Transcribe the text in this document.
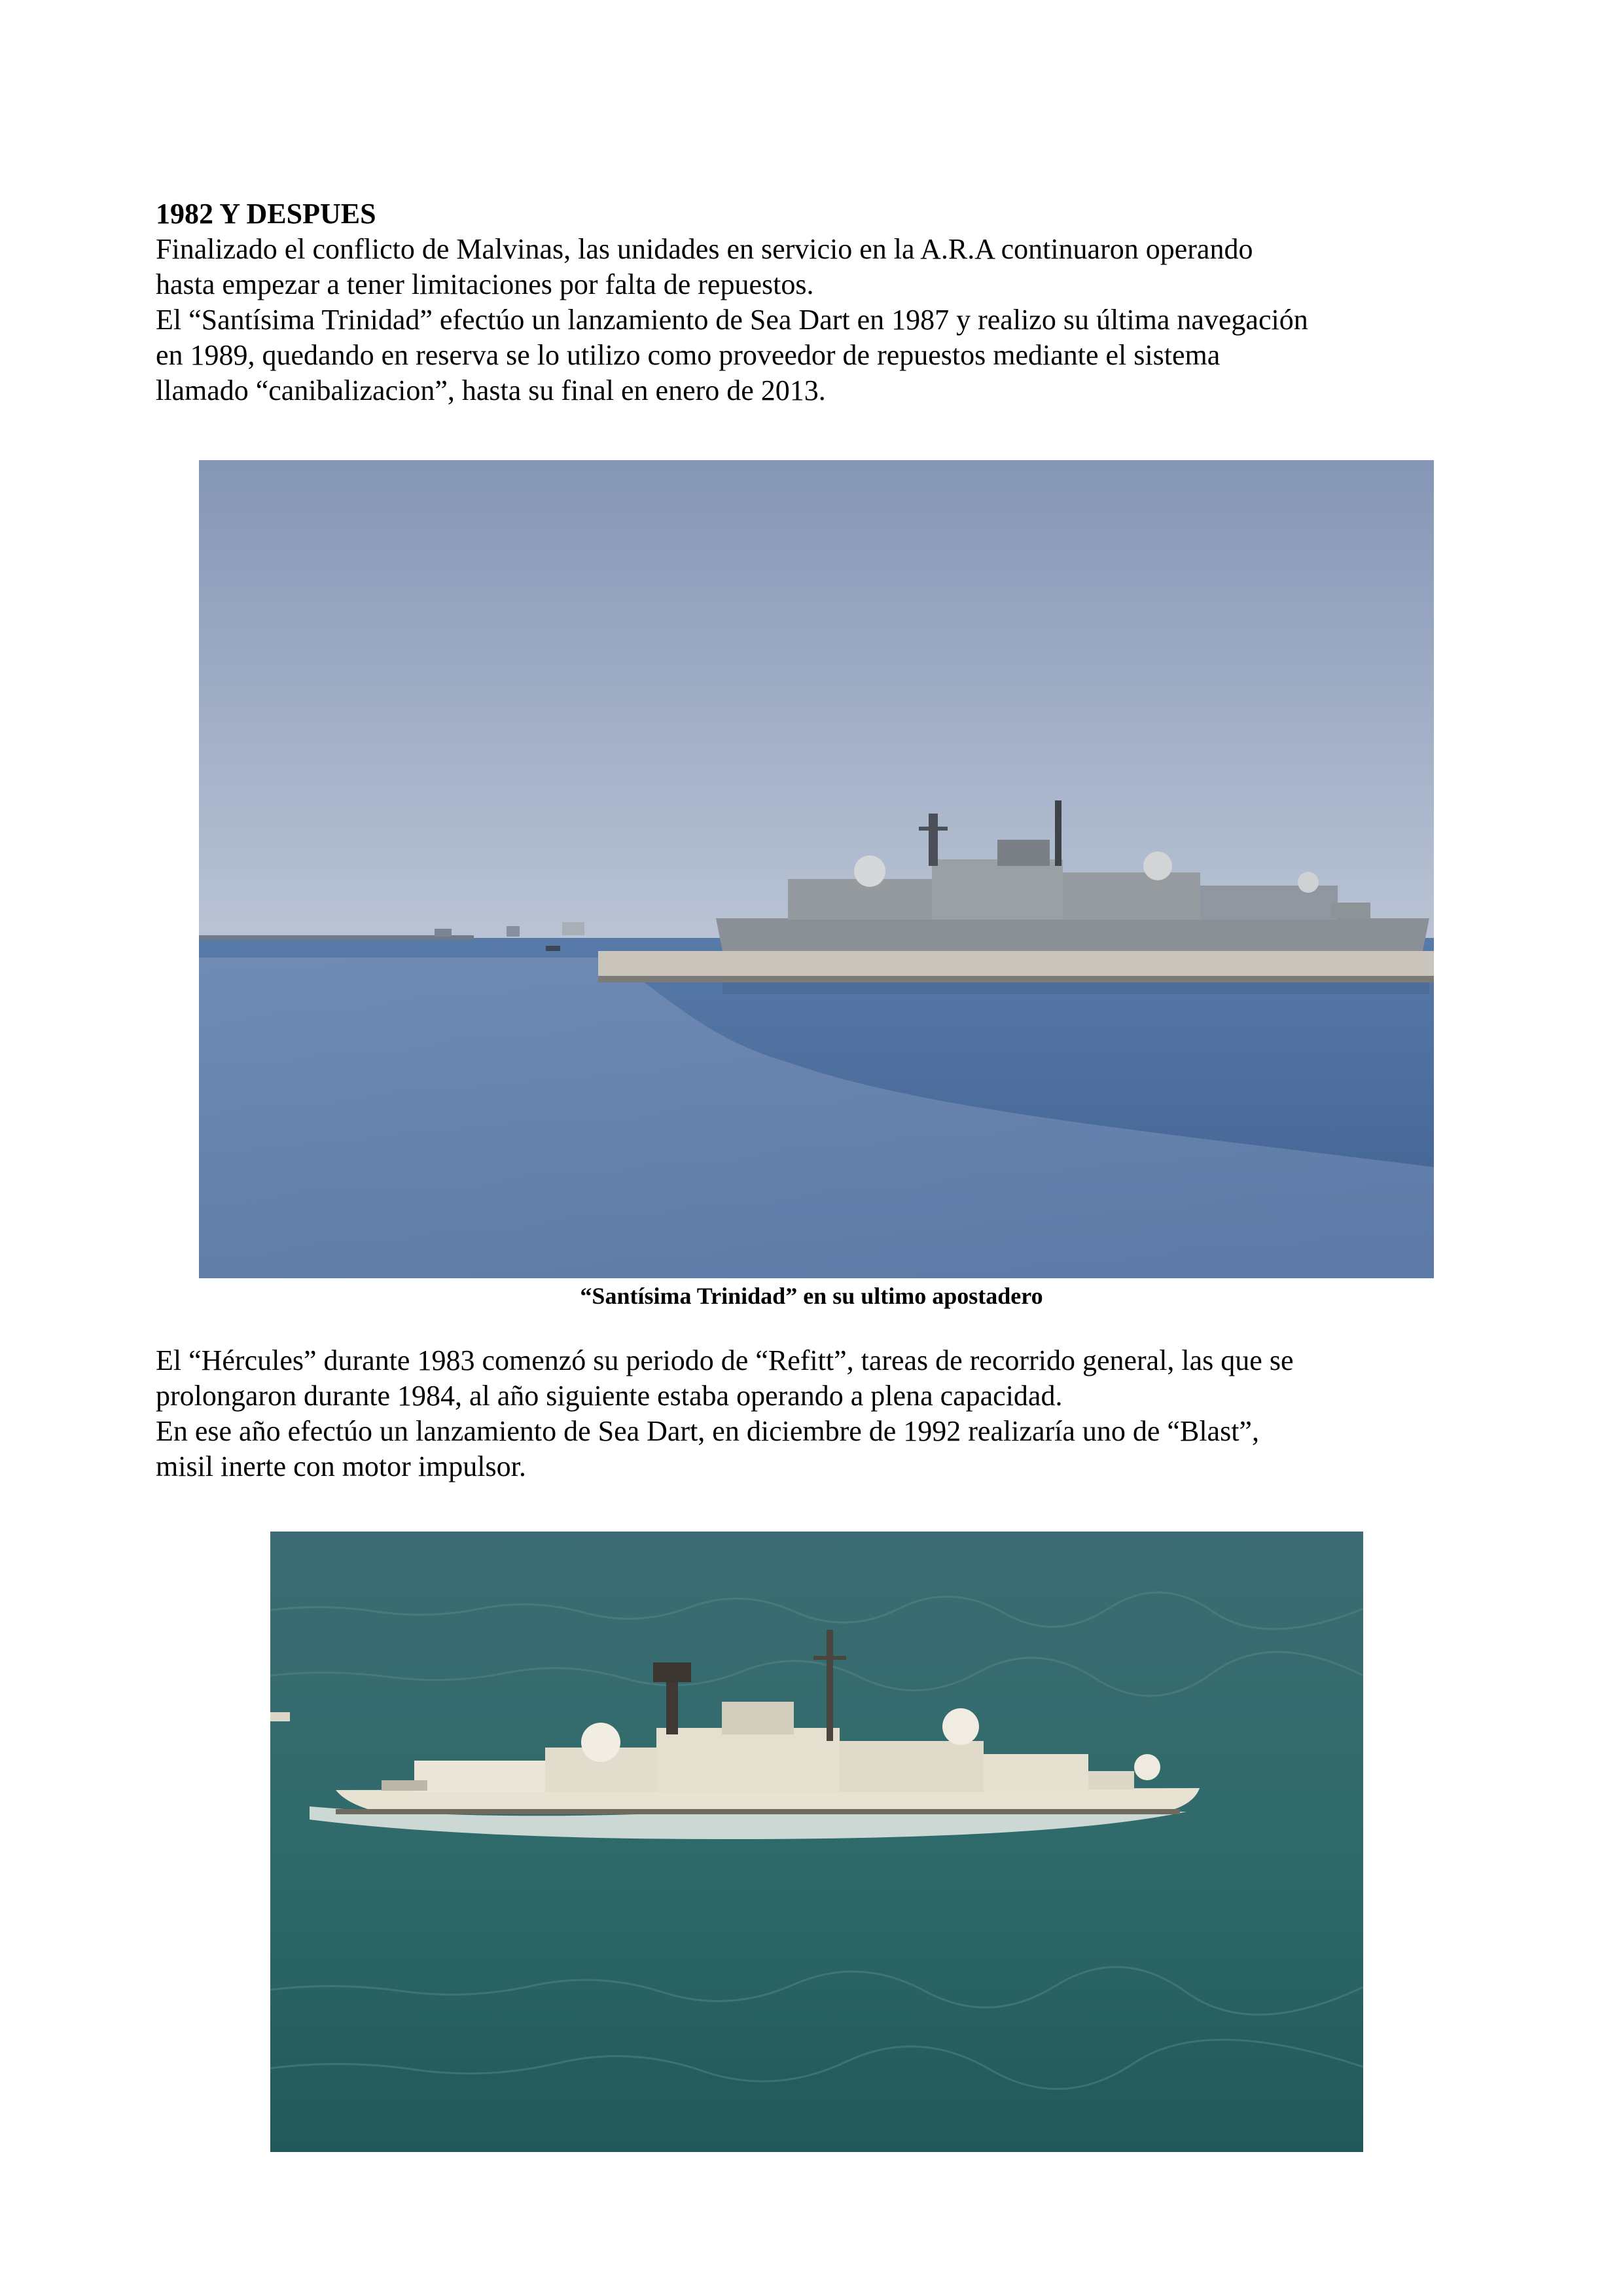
1982 Y DESPUES
Finalizado el conflicto de Malvinas, las unidades en servicio en la A.R.A continuaron operando
hasta empezar a tener limitaciones por falta de repuestos.
El “Santísima Trinidad” efectúo un lanzamiento de Sea Dart en 1987 y realizo su última navegación
en 1989, quedando en reserva se lo utilizo como proveedor de repuestos mediante el sistema
llamado “canibalizacion”, hasta su final en enero de 2013.
“Santísima Trinidad” en su ultimo apostadero
El “Hércules” durante 1983 comenzó su periodo de “Refitt”, tareas de recorrido general, las que se
prolongaron durante 1984, al año siguiente estaba operando a plena capacidad.
En ese año efectúo un lanzamiento de Sea Dart, en diciembre de 1992 realizaría uno de “Blast”,
misil inerte con motor impulsor.
